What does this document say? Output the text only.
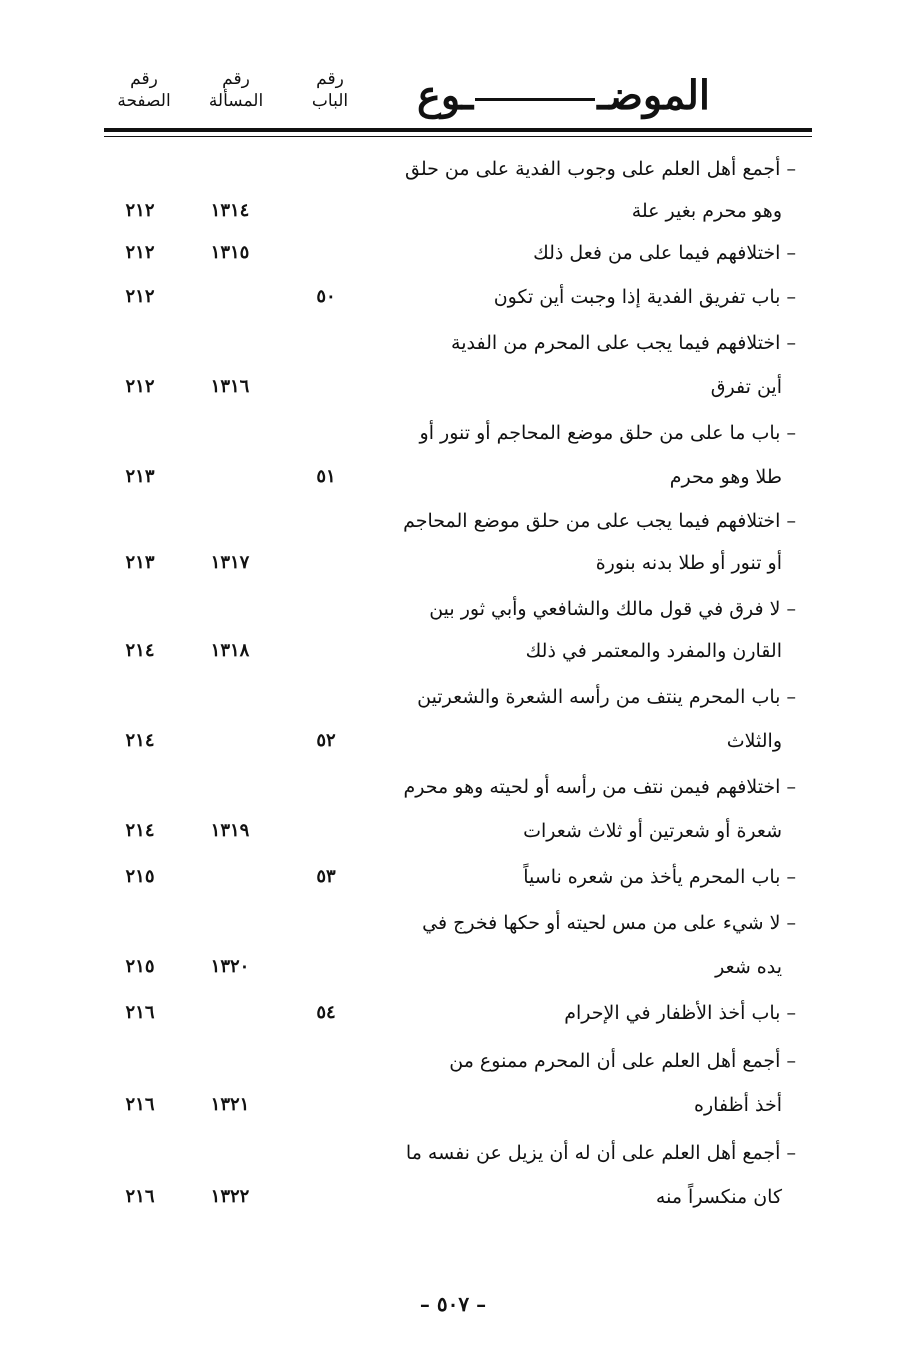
رقم
الصفحة
رقم
المسألة
رقم
الباب	الموضــوع
– أجمع أهل العلم على وجوب الفدية على من حلق
وهو محرم بغير علة
١٣١٤
٢١٢
– اختلافهم فيما على من فعل ذلك
١٣١٥
٢١٢
– باب تفريق الفدية إذا وجبت أين تكون
٥٠
٢١٢
– اختلافهم فيما يجب على المحرم من الفدية
أين تفرق
١٣١٦
٢١٢
– باب ما على من حلق موضع المحاجم أو تنور أو
طلا وهو محرم
٥١
٢١٣
– اختلافهم فيما يجب على من حلق موضع المحاجم
أو تنور أو طلا بدنه بنورة
١٣١٧
٢١٣
– لا فرق في قول مالك والشافعي وأبي ثور بين
القارن والمفرد والمعتمر في ذلك
١٣١٨
٢١٤
– باب المحرم ينتف من رأسه الشعرة والشعرتين
والثلاث
٥٢
٢١٤
– اختلافهم فيمن نتف من رأسه أو لحيته وهو محرم
شعرة أو شعرتين أو ثلاث شعرات
١٣١٩
٢١٤
– باب المحرم يأخذ من شعره ناسياً
٥٣
٢١٥
– لا شيء على من مس لحيته أو حكها فخرج في
يده شعر
١٣٢٠
٢١٥
– باب أخذ الأظفار في الإحرام
٥٤
٢١٦
– أجمع أهل العلم على أن المحرم ممنوع من
أخذ أظفاره
١٣٢١
٢١٦
– أجمع أهل العلم على أن له أن يزيل عن نفسه ما
كان منكسراً منه
١٣٢٢
٢١٦
– ٥٠٧ –
